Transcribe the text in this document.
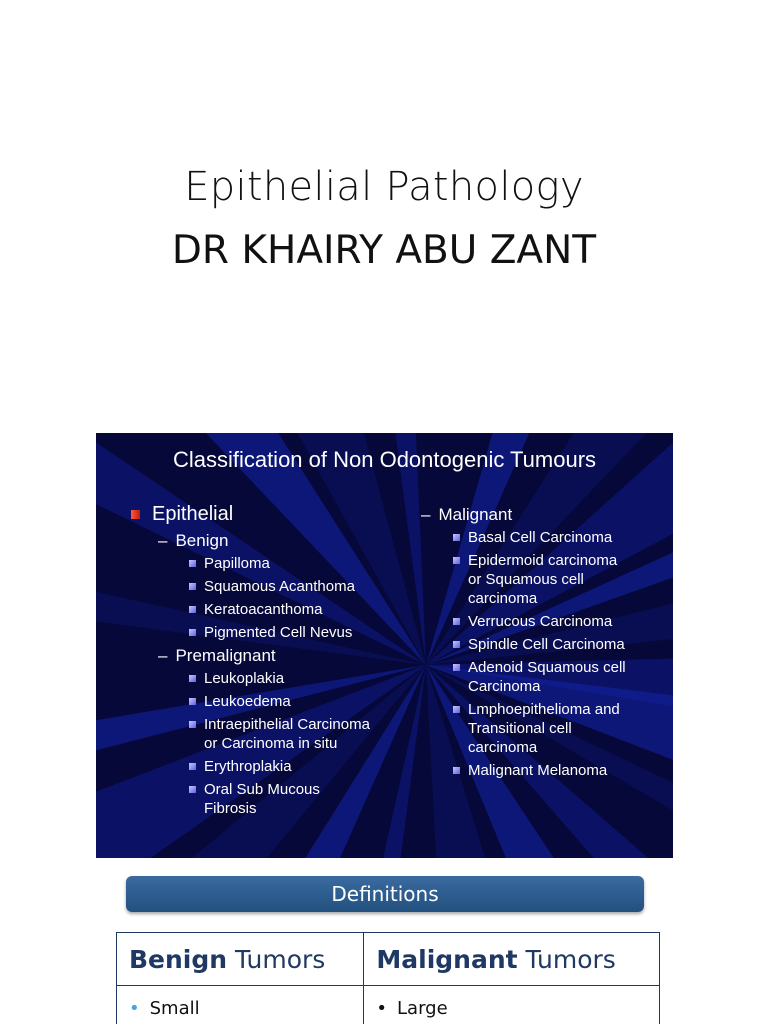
Epithelial Pathology
DR KHAIRY ABU ZANT
Classification of Non Odontogenic Tumours
Epithelial
– Benign
Papilloma
Squamous Acanthoma
Keratoacanthoma
Pigmented Cell Nevus
– Premalignant
Leukoplakia
Leukoedema
Intraepithelial Carcinoma
or Carcinoma in situ
Erythroplakia
Oral Sub Mucous
Fibrosis
– Malignant
Basal Cell Carcinoma
Epidermoid carcinoma
or Squamous cell
carcinoma
Verrucous Carcinoma
Spindle Cell Carcinoma
Adenoid Squamous cell
Carcinoma
Lmphoepithelioma and
Transitional cell
carcinoma
Malignant Melanoma
Definitions
Benign Tumors	Malignant Tumors
• Small	• Large
